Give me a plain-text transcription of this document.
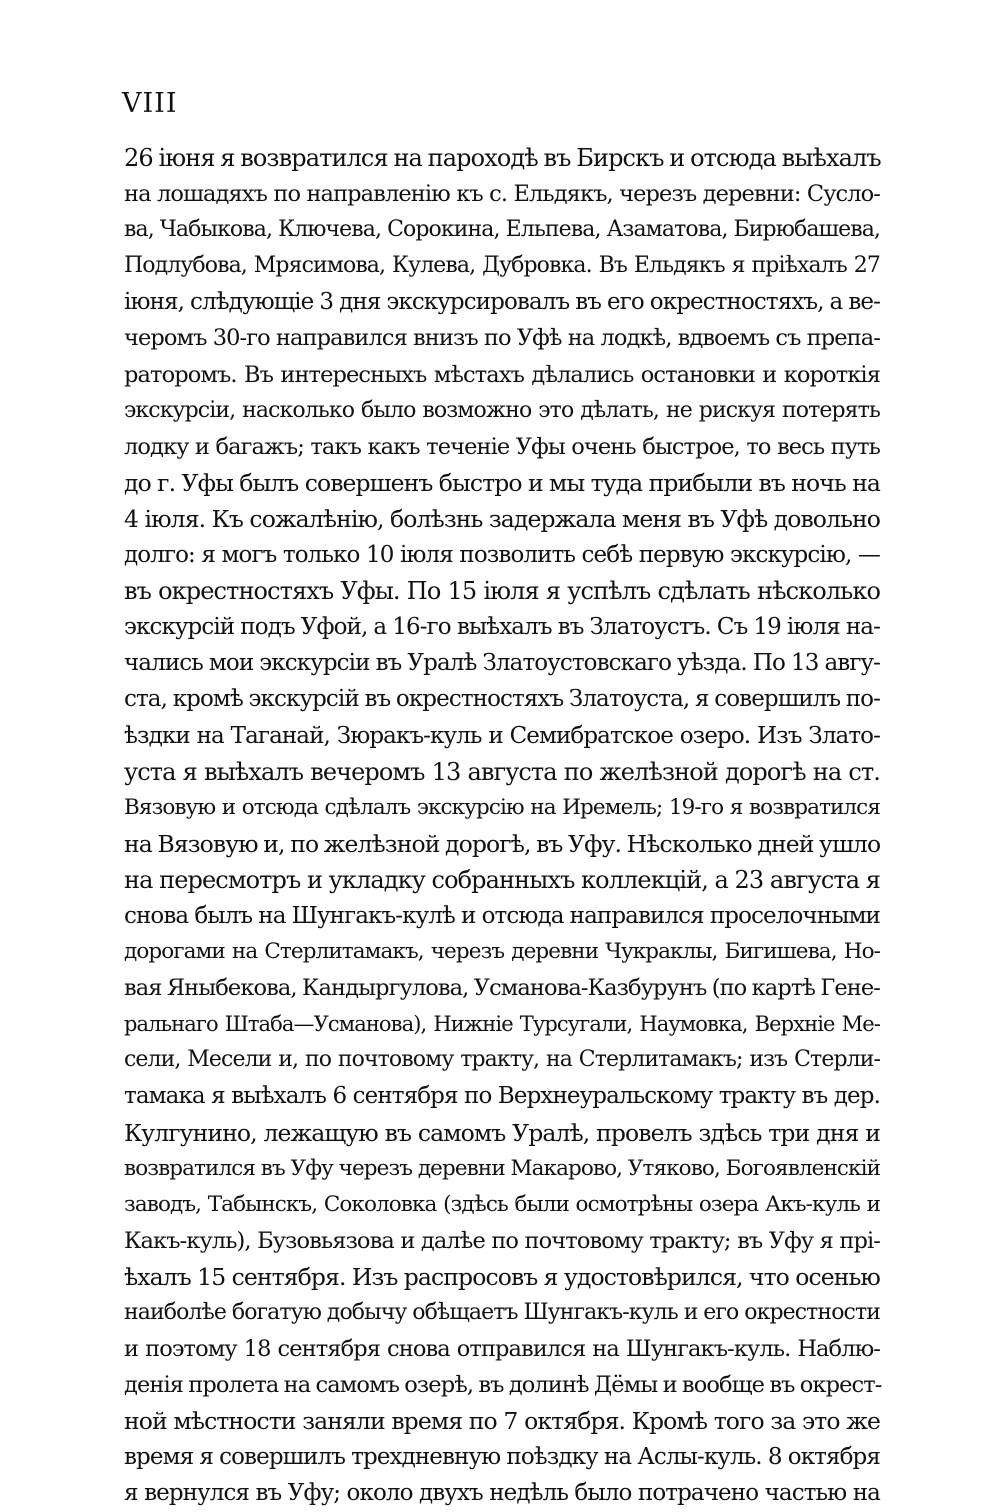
VIII
26 іюня я возвратился на пароходѣ въ Бирскъ и отсюда выѣхалъ
на лошадяхъ по направленію къ с. Ельдякъ, черезъ деревни: Сусло-
ва, Чабыкова, Ключева, Сорокина, Ельпева, Азаматова, Бирюбашева,
Подлубова, Мрясимова, Кулева, Дубровка. Въ Ельдякъ я пріѣхалъ 27
іюня, слѣдующіе 3 дня экскурсировалъ въ его окрестностяхъ, а ве-
черомъ 30-го направился внизъ по Уфѣ на лодкѣ, вдвоемъ съ препа-
раторомъ. Въ интересныхъ мѣстахъ дѣлались остановки и короткія
экскурсіи, насколько было возможно это дѣлать, не рискуя потерять
лодку и багажъ; такъ какъ теченіе Уфы очень быстрое, то весь путь
до г. Уфы былъ совершенъ быстро и мы туда прибыли въ ночь на
4 іюля. Къ сожалѣнію, болѣзнь задержала меня въ Уфѣ довольно
долго: я могъ только 10 іюля позволить себѣ первую экскурсію, —
въ окрестностяхъ Уфы. По 15 іюля я успѣлъ сдѣлать нѣсколько
экскурсій подъ Уфой, а 16-го выѣхалъ въ Златоустъ. Съ 19 іюля на-
чались мои экскурсіи въ Уралѣ Златоустовскаго уѣзда. По 13 авгу-
ста, кромѣ экскурсій въ окрестностяхъ Златоуста, я совершилъ по-
ѣздки на Таганай, Зюракъ-куль и Семибратское озеро. Изъ Злато-
уста я выѣхалъ вечеромъ 13 августа по желѣзной дорогѣ на ст.
Вязовую и отсюда сдѣлалъ экскурсію на Иремель; 19-го я возвратился
на Вязовую и, по желѣзной дорогѣ, въ Уфу. Нѣсколько дней ушло
на пересмотръ и укладку собранныхъ коллекцій, а 23 августа я
снова былъ на Шунгакъ-кулѣ и отсюда направился проселочными
дорогами на Стерлитамакъ, черезъ деревни Чукраклы, Бигишева, Но-
вая Яныбекова, Кандыргулова, Усманова-Казбурунъ (по картѣ Гене-
ральнаго Штаба—Усманова), Нижніе Турсугали, Наумовка, Верхніе Ме-
сели, Месели и, по почтовому тракту, на Стерлитамакъ; изъ Стерли-
тамака я выѣхалъ 6 сентября по Верхнеуральскому тракту въ дер.
Кулгунино, лежащую въ самомъ Уралѣ, провелъ здѣсь три дня и
возвратился въ Уфу черезъ деревни Макарово, Утяково, Богоявленскій
заводъ, Табынскъ, Соколовка (здѣсь были осмотрѣны озера Акъ-куль и
Какъ-куль), Бузовьязова и далѣе по почтовому тракту; въ Уфу я прі-
ѣхалъ 15 сентября. Изъ распросовъ я удостовѣрился, что осенью
наиболѣе богатую добычу обѣщаетъ Шунгакъ-куль и его окрестности
и поэтому 18 сентября снова отправился на Шунгакъ-куль. Наблю-
денія пролета на самомъ озерѣ, въ долинѣ Дёмы и вообще въ окрест-
ной мѣстности заняли время по 7 октября. Кромѣ того за это же
время я совершилъ трехдневную поѣздку на Аслы-куль. 8 октября
я вернулся въ Уфу; около двухъ недѣль было потрачено частью на
